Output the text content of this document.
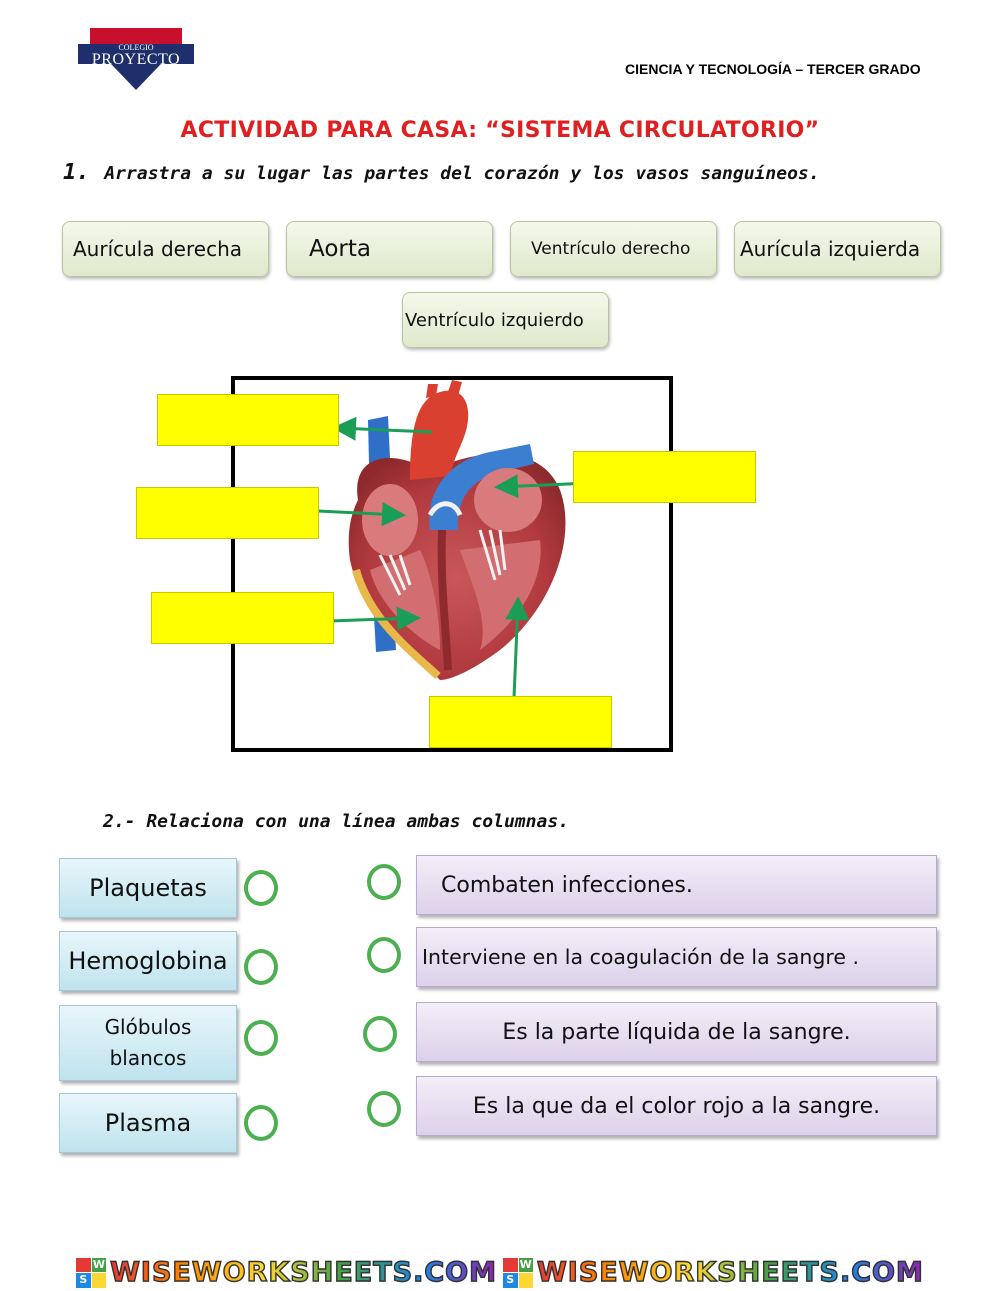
COLEGIO
PROYECTO
CIENCIA Y TECNOLOGÍA – TERCER GRADO
ACTIVIDAD PARA CASA: “SISTEMA CIRCULATORIO”
1. Arrastra a su lugar las partes del corazón y los vasos sanguíneos.
Aurícula derecha	Aorta	Ventrículo derecho Aurícula izquierda
Ventrículo izquierdo
2.- Relaciona con una línea ambas columnas.
Plaquetas
Hemoglobina
Glóbulos blancos
Plasma
Combaten infecciones.
Interviene en la coagulación de la sangre .
Es la parte líquida de la sangre.
Es la que da el color rojo a la sangre.
W
S WISEWORKSHEETS.COM W
S WISEWORKSHEETS.COM
